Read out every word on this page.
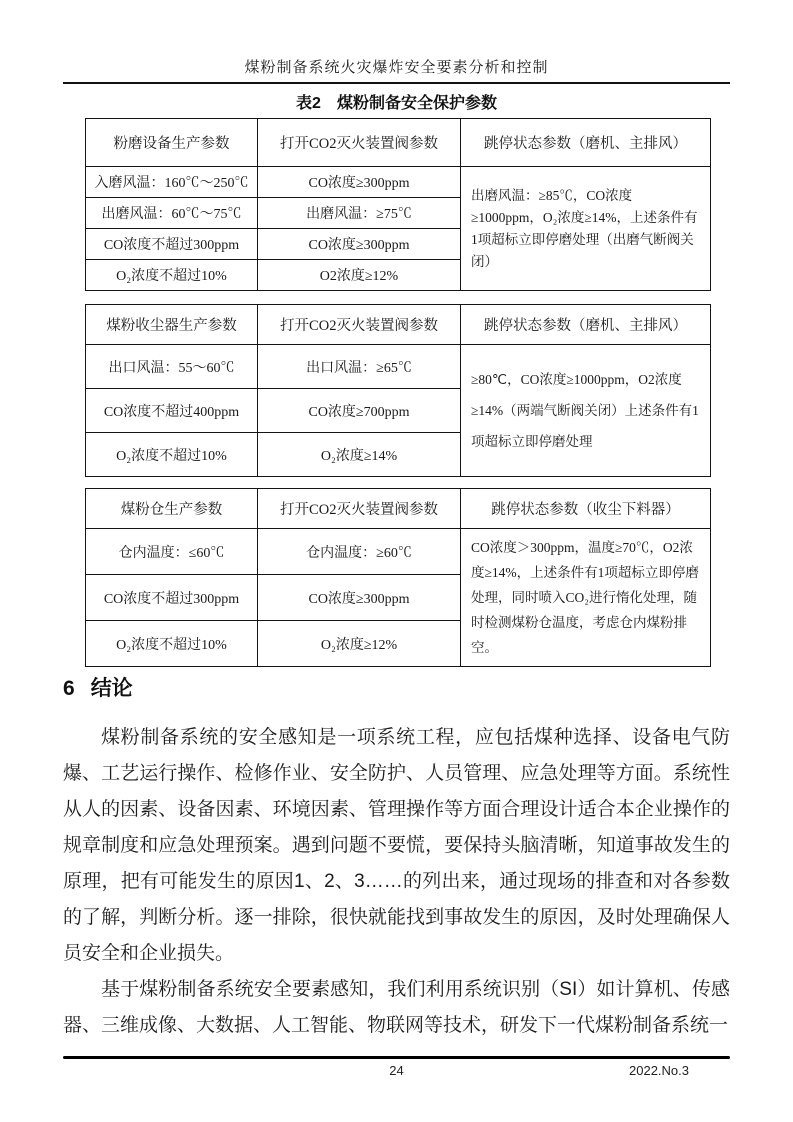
煤粉制备系统火灾爆炸安全要素分析和控制
表2　煤粉制备安全保护参数
粉磨设备生产参数	打开CO2灭火装置阀参数	跳停状态参数（磨机、主排风）
入磨风温：160℃～250℃	CO浓度≥300ppm	出磨风温：≥85℃，CO浓度≥1000ppm，O₂浓度≥14%，上述条件有1项超标立即停磨处理（出磨气断阀关闭）
出磨风温：60℃～75℃	出磨风温：≥75℃	
CO浓度不超过300ppm	CO浓度≥300ppm	
O₂浓度不超过10%	O2浓度≥12%	
煤粉收尘器生产参数	打开CO2灭火装置阀参数	跳停状态参数（磨机、主排风）
出口风温：55～60℃	出口风温：≥65℃	≥80℃，CO浓度≥1000ppm，O2浓度≥14%（两端气断阀关闭）上述条件有1项超标立即停磨处理
CO浓度不超过400ppm	CO浓度≥700ppm	
O₂浓度不超过10%	O₂浓度≥14%	
煤粉仓生产参数	打开CO2灭火装置阀参数	跳停状态参数（收尘下料器）
仓内温度：≤60℃	仓内温度：≥60℃	CO浓度＞300ppm，温度≥70℃，O2浓度≥14%，上述条件有1项超标立即停磨处理，同时喷入CO₂进行惰化处理，随时检测煤粉仓温度，考虑仓内煤粉排空。
CO浓度不超过300ppm	CO浓度≥300ppm	
O₂浓度不超过10%	O₂浓度≥12%	
6 结论

煤粉制备系统的安全感知是一项系统工程，应包括煤种选择、设备电气防爆、工艺运行操作、检修作业、安全防护、人员管理、应急处理等方面。系统性从人的因素、设备因素、环境因素、管理操作等方面合理设计适合本企业操作的规章制度和应急处理预案。遇到问题不要慌，要保持头脑清晰，知道事故发生的原理，把有可能发生的原因1、2、3……的列出来，通过现场的排查和对各参数的了解，判断分析。逐一排除，很快就能找到事故发生的原因，及时处理确保人员安全和企业损失。

基于煤粉制备系统安全要素感知，我们利用系统识别（SI）如计算机、传感器、三维成像、大数据、人工智能、物联网等技术，研发下一代煤粉制备系统一

24	2022.No.3
